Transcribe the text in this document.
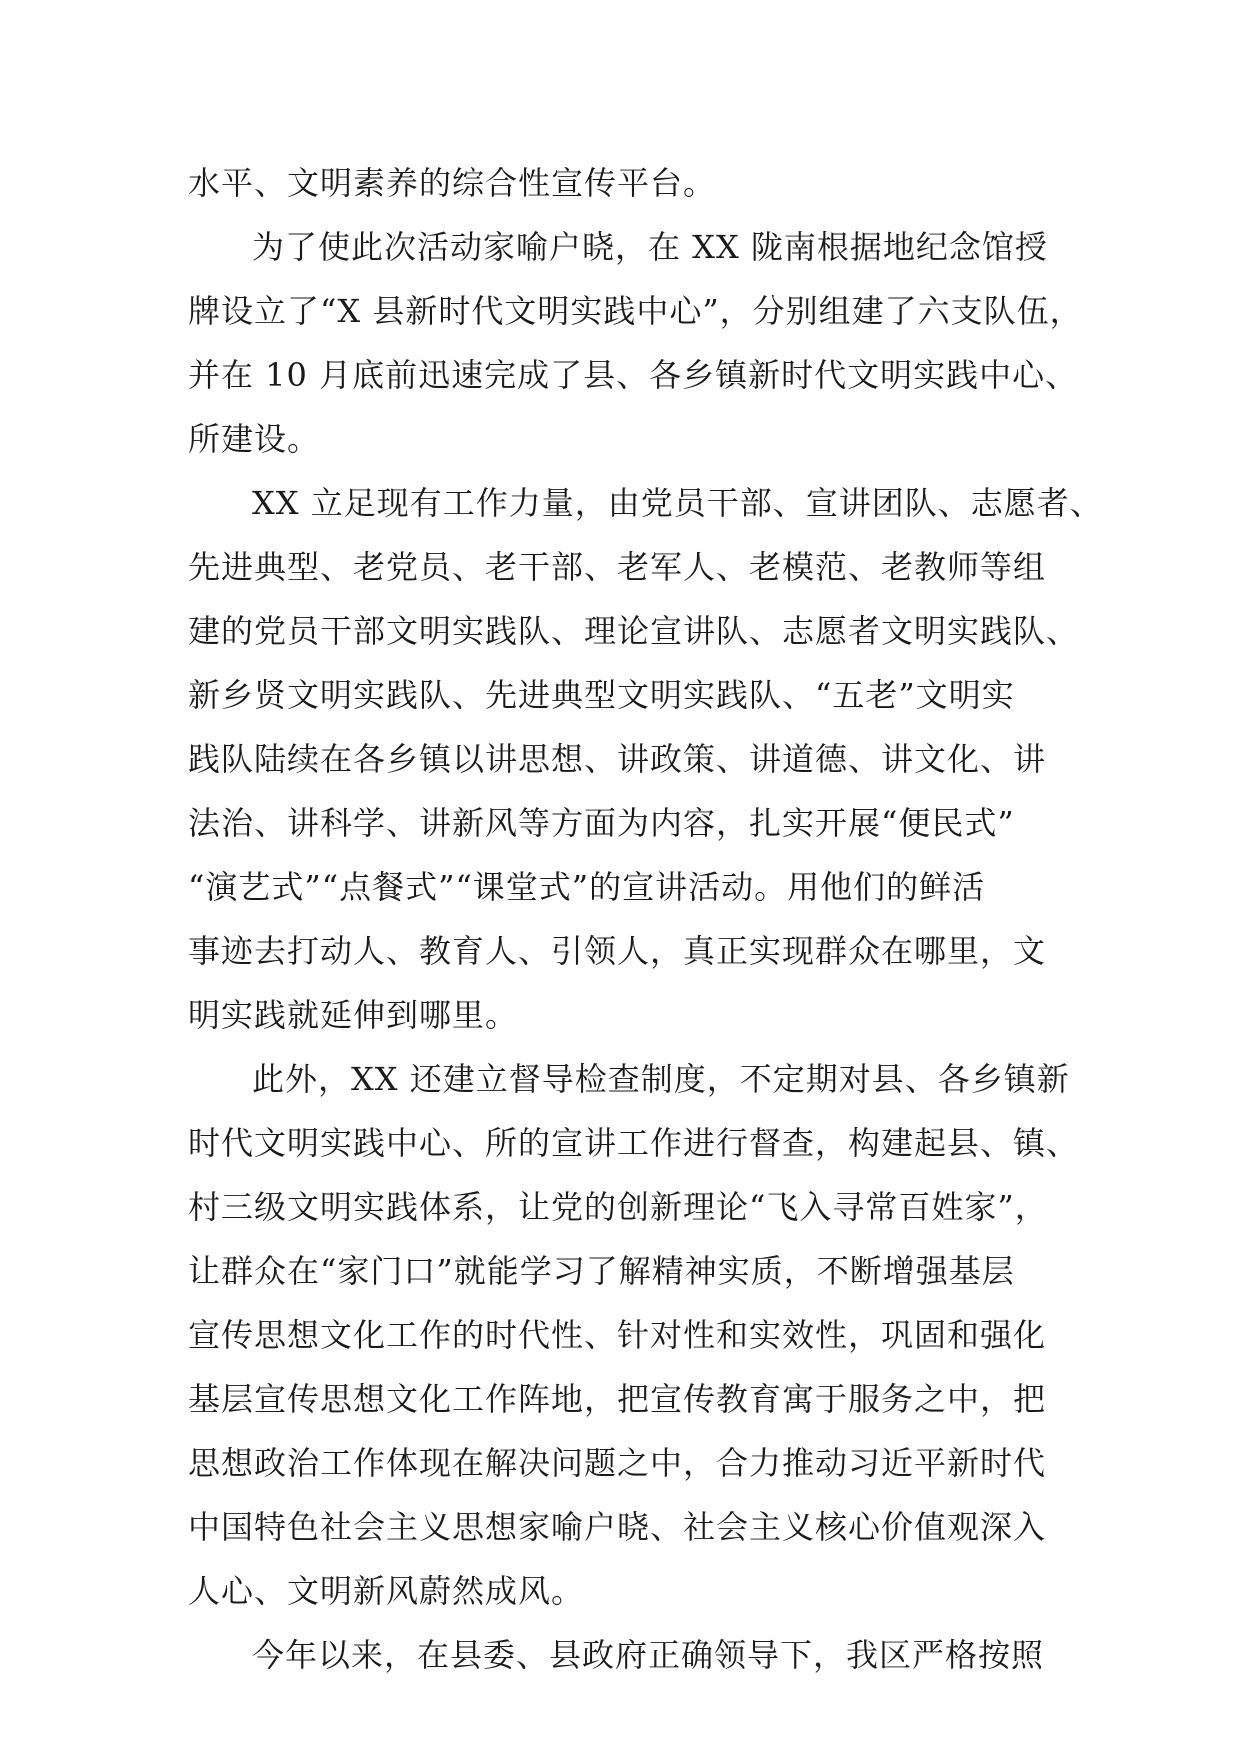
水平、文明素养的综合性宣传平台。
为了使此次活动家喻户晓，在 XX 陇南根据地纪念馆授
牌设立了“X 县新时代文明实践中心”，分别组建了六支队伍，
并在 10 月底前迅速完成了县、各乡镇新时代文明实践中心、
所建设。
XX 立足现有工作力量，由党员干部、宣讲团队、志愿者、
先进典型、老党员、老干部、老军人、老模范、老教师等组
建的党员干部文明实践队、理论宣讲队、志愿者文明实践队、
新乡贤文明实践队、先进典型文明实践队、“五老”文明实
践队陆续在各乡镇以讲思想、讲政策、讲道德、讲文化、讲
法治、讲科学、讲新风等方面为内容，扎实开展“便民式”
“演艺式”“点餐式”“课堂式”的宣讲活动。用他们的鲜活
事迹去打动人、教育人、引领人，真正实现群众在哪里，文
明实践就延伸到哪里。
此外，XX 还建立督导检查制度，不定期对县、各乡镇新
时代文明实践中心、所的宣讲工作进行督查，构建起县、镇、
村三级文明实践体系，让党的创新理论“飞入寻常百姓家”，
让群众在“家门口”就能学习了解精神实质，不断增强基层
宣传思想文化工作的时代性、针对性和实效性，巩固和强化
基层宣传思想文化工作阵地，把宣传教育寓于服务之中，把
思想政治工作体现在解决问题之中，合力推动习近平新时代
中国特色社会主义思想家喻户晓、社会主义核心价值观深入
人心、文明新风蔚然成风。
今年以来，在县委、县政府正确领导下，我区严格按照
